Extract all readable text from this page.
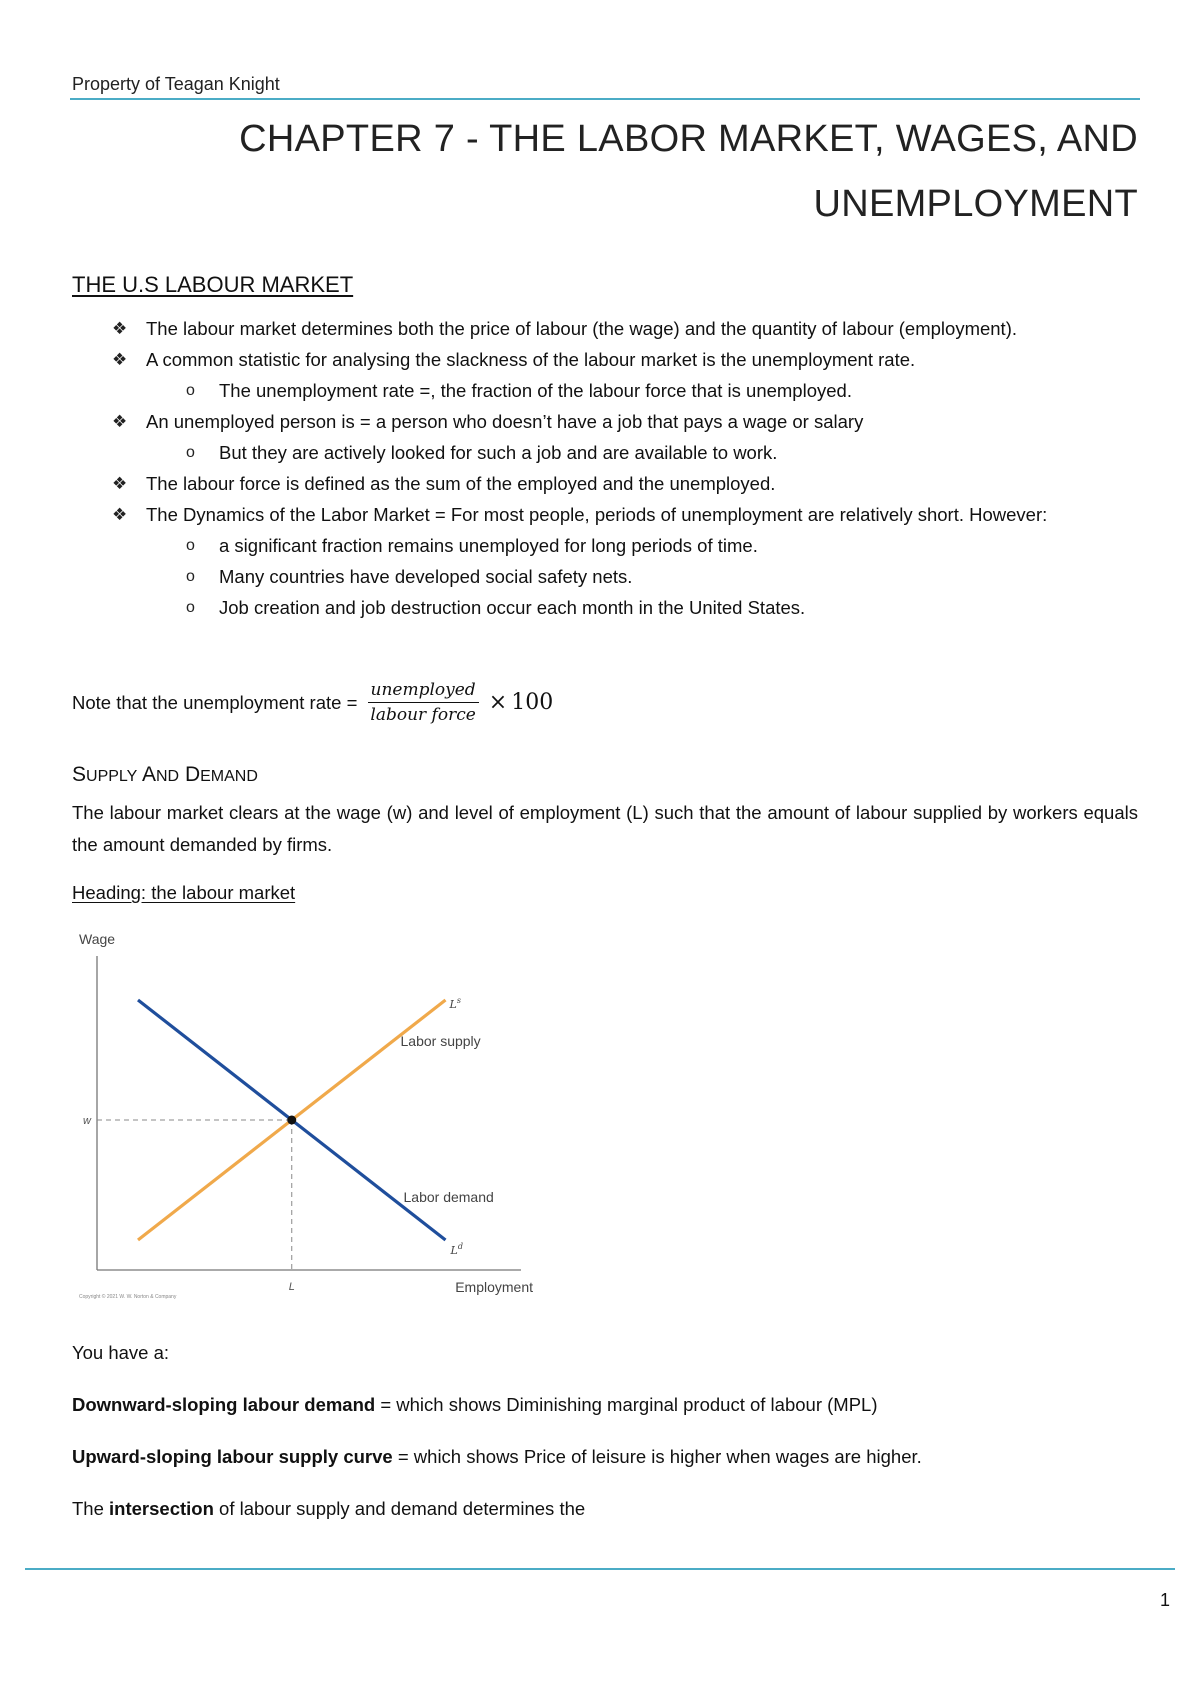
Property of Teagan Knight
CHAPTER 7 - THE LABOR MARKET, WAGES, AND
UNEMPLOYMENT
THE U.S LABOUR MARKET
❖ The labour market determines both the price of labour (the wage) and the quantity of labour (employment).
❖ A common statistic for analysing the slackness of the labour market is the unemployment rate.
o The unemployment rate =, the fraction of the labour force that is unemployed.
❖ An unemployed person is = a person who doesn’t have a job that pays a wage or salary
o But they are actively looked for such a job and are available to work.
❖ The labour force is defined as the sum of the employed and the unemployed.
❖ The Dynamics of the Labor Market = For most people, periods of unemployment are relatively short. However:
o a significant fraction remains unemployed for long periods of time.
o Many countries have developed social safety nets.
o Job creation and job destruction occur each month in the United States.
Note that the unemployment rate = $\frac{\text{unemployed}}{\text{labour force}} \times 100$
SUPPLY AND DEMAND
The labour market clears at the wage (w) and level of employment (L) such that the amount of labour supplied by workers equals the amount demanded by firms.
Heading: the labour market
Wage
Employment
w
L
Labor supply
Labor demand
$L^s$
$L^d$
Copyright © 2021 W. W. Norton & Company
You have a:
Downward-sloping labour demand = which shows Diminishing marginal product of labour (MPL)
Upward-sloping labour supply curve = which shows Price of leisure is higher when wages are higher.
The intersection of labour supply and demand determines the
1
